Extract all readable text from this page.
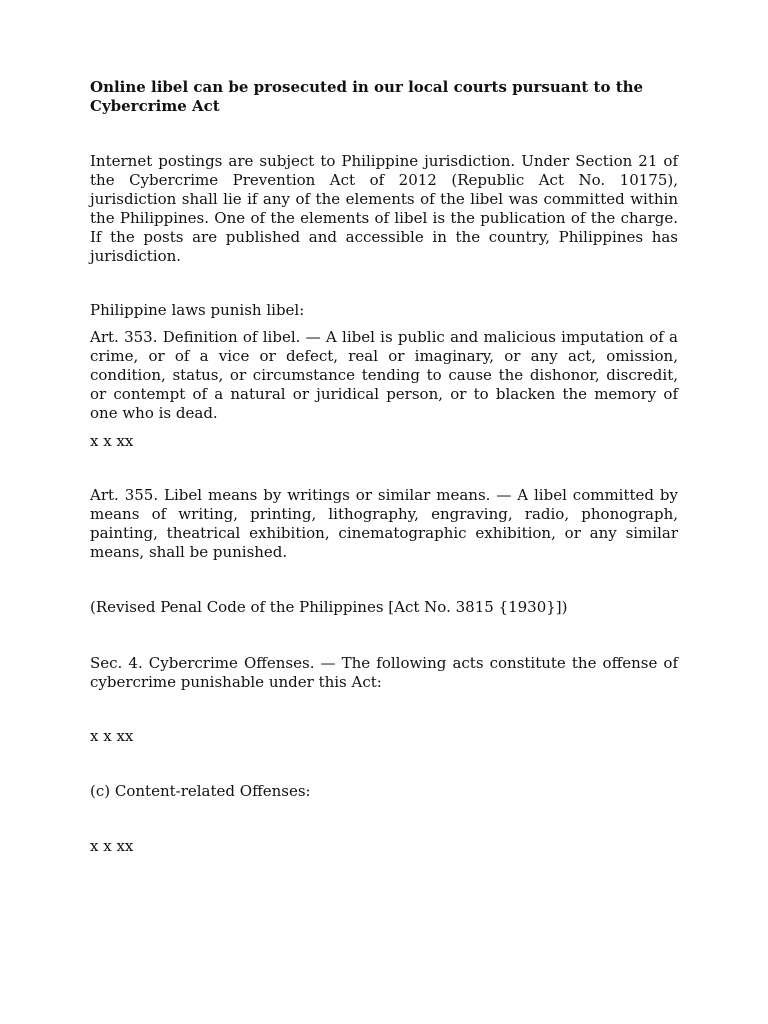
Online libel can be prosecuted in our local courts pursuant to the Cybercrime Act

Internet postings are subject to Philippine jurisdiction. Under Section 21 of the Cybercrime Prevention Act of 2012 (Republic Act No. 10175), jurisdiction shall lie if any of the elements of the libel was committed within the Philippines. One of the elements of libel is the publication of the charge. If the posts are published and accessible in the country, Philippines has jurisdiction.

Philippine laws punish libel:

Art. 353. Definition of libel. — A libel is public and malicious imputation of a crime, or of a vice or defect, real or imaginary, or any act, omission, condition, status, or circumstance tending to cause the dishonor, discredit, or contempt of a natural or juridical person, or to blacken the memory of one who is dead.

x x xx

Art. 355. Libel means by writings or similar means. — A libel committed by means of writing, printing, lithography, engraving, radio, phonograph, painting, theatrical exhibition, cinematographic exhibition, or any similar means, shall be punished.

(Revised Penal Code of the Philippines [Act No. 3815 {1930}])

Sec. 4. Cybercrime Offenses. — The following acts constitute the offense of cybercrime punishable under this Act:

x x xx

(c) Content-related Offenses:

x x xx
